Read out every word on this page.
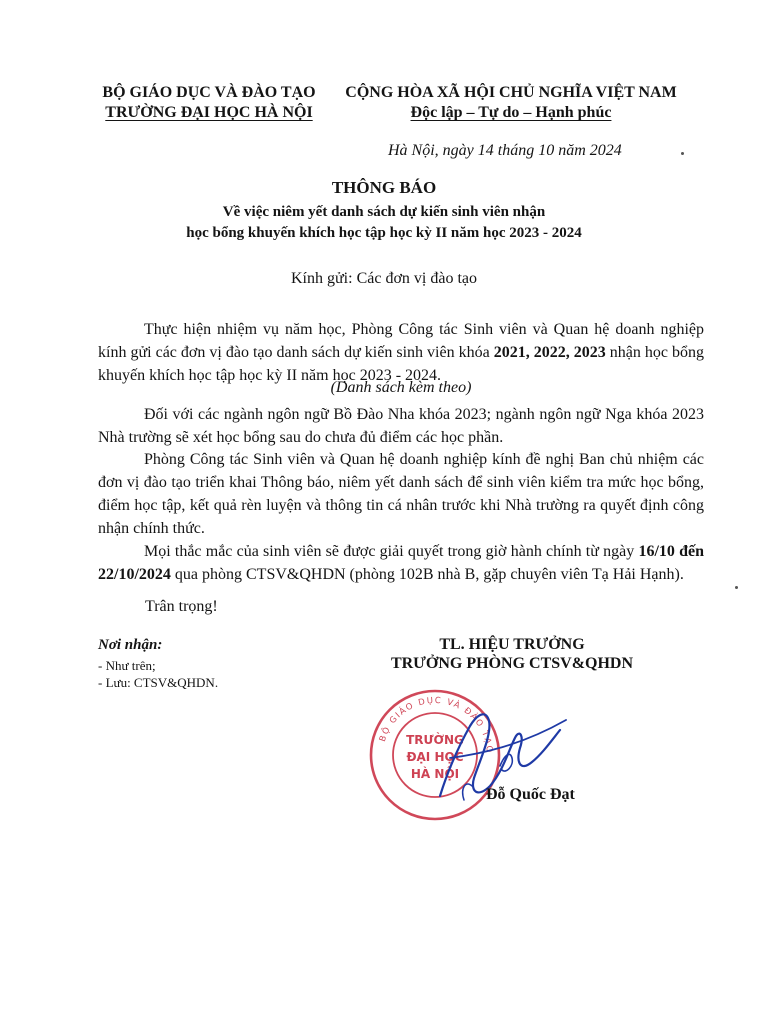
BỘ GIÁO DỤC VÀ ĐÀO TẠO
TRƯỜNG ĐẠI HỌC HÀ NỘI
CỘNG HÒA XÃ HỘI CHỦ NGHĨA VIỆT NAM
Độc lập – Tự do – Hạnh phúc
Hà Nội, ngày 14 tháng 10 năm 2024
THÔNG BÁO
Về việc niêm yết danh sách dự kiến sinh viên nhận
học bổng khuyến khích học tập học kỳ II năm học 2023 - 2024
Kính gửi: Các đơn vị đào tạo
Thực hiện nhiệm vụ năm học, Phòng Công tác Sinh viên và Quan hệ doanh nghiệp kính gửi các đơn vị đào tạo danh sách dự kiến sinh viên khóa 2021, 2022, 2023 nhận học bổng khuyến khích học tập học kỳ II năm học 2023 - 2024.
(Danh sách kèm theo)
Đối với các ngành ngôn ngữ Bồ Đào Nha khóa 2023; ngành ngôn ngữ Nga khóa 2023 Nhà trường sẽ xét học bổng sau do chưa đủ điểm các học phần.
Phòng Công tác Sinh viên và Quan hệ doanh nghiệp kính đề nghị Ban chủ nhiệm các đơn vị đào tạo triển khai Thông báo, niêm yết danh sách để sinh viên kiểm tra mức học bổng, điểm học tập, kết quả rèn luyện và thông tin cá nhân trước khi Nhà trường ra quyết định công nhận chính thức.
Mọi thắc mắc của sinh viên sẽ được giải quyết trong giờ hành chính từ ngày 16/10 đến 22/10/2024 qua phòng CTSV&QHDN (phòng 102B nhà B, gặp chuyên viên Tạ Hải Hạnh).
Trân trọng!
Nơi nhận:
- Như trên;
- Lưu: CTSV&QHDN.
TL. HIỆU TRƯỞNG
TRƯỞNG PHÒNG CTSV&QHDN
BỘ GIÁO DỤC VÀ ĐÀO TẠO
TRƯỜNG
ĐẠI HỌC
HÀ NỘI
Đỗ Quốc Đạt
